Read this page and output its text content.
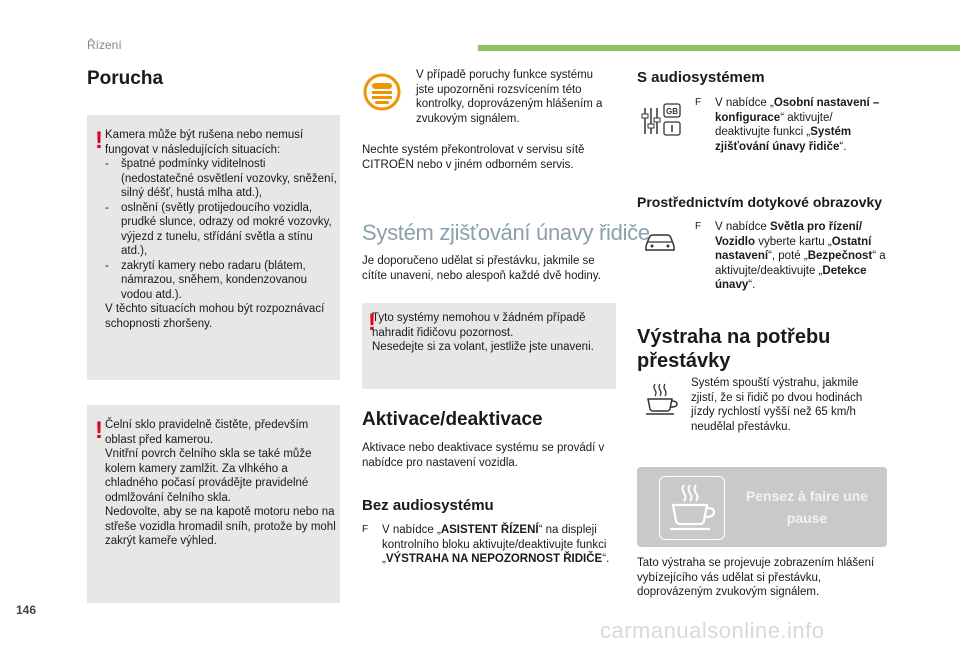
Řízení
Porucha
! Kamera může být rušena nebo nemusí fungovat v následujících situacích:
-	špatné podmínky viditelnosti (nedostatečné osvětlení vozovky, sněžení, silný déšť, hustá mlha atd.),
-	oslnění (světly protijedoucího vozidla, prudké slunce, odrazy od mokré vozovky, výjezd z tunelu, střídání světla a stínu atd.),
-	zakrytí kamery nebo radaru (blátem, námrazou, sněhem, kondenzovanou vodou atd.).
V těchto situacích mohou být rozpoznávací schopnosti zhoršeny.
! Čelní sklo pravidelně čistěte, především oblast před kamerou.
Vnitřní povrch čelního skla se také může kolem kamery zamlžit. Za vlhkého a chladného počasí provádějte pravidelné odmlžování čelního skla.
Nedovolte, aby se na kapotě motoru nebo na střeše vozidla hromadil sníh, protože by mohl zakrýt kameře výhled.
V případě poruchy funkce systému jste upozorněni rozsvícením této kontrolky, doprovázeným hlášením a zvukovým signálem.
Nechte systém překontrolovat v servisu sítě CITROËN nebo v jiném odborném servis.
Systém zjišťování únavy řidiče
Je doporučeno udělat si přestávku, jakmile se cítíte unaveni, nebo alespoň každé dvě hodiny.
!
Tyto systémy nemohou v žádném případě nahradit řidičovu pozornost.
Nesedejte si za volant, jestliže jste unaveni.
Aktivace/deaktivace
Aktivace nebo deaktivace systému se provádí v nabídce pro nastavení vozidla.
Bez audiosystému
F	V nabídce „ASISTENT ŘÍZENÍ“ na displeji kontrolního bloku aktivujte/deaktivujte funkci „VÝSTRAHA NA NEPOZORNOST ŘIDIČE“.
S audiosystémem
GB
F	V nabídce „Osobní nastavení – konfigurace“ aktivujte/ deaktivujte funkci „Systém zjišťování únavy řidiče“.
Prostřednictvím dotykové obrazovky
F	V nabídce Světla pro řízení/ Vozidlo vyberte kartu „Ostatní nastavení“, poté „Bezpečnost“ a aktivujte/deaktivujte „Detekce únavy“.
Výstraha na potřebu přestávky
Systém spouští výstrahu, jakmile zjistí, že si řidič po dvou hodinách jízdy rychlostí vyšší než 65 km/h neudělal přestávku.
Pensez à faire une pause
Tato výstraha se projevuje zobrazením hlášení vybízejícího vás udělat si přestávku, doprovázeným zvukovým signálem.
146
carmanualsonline.info
